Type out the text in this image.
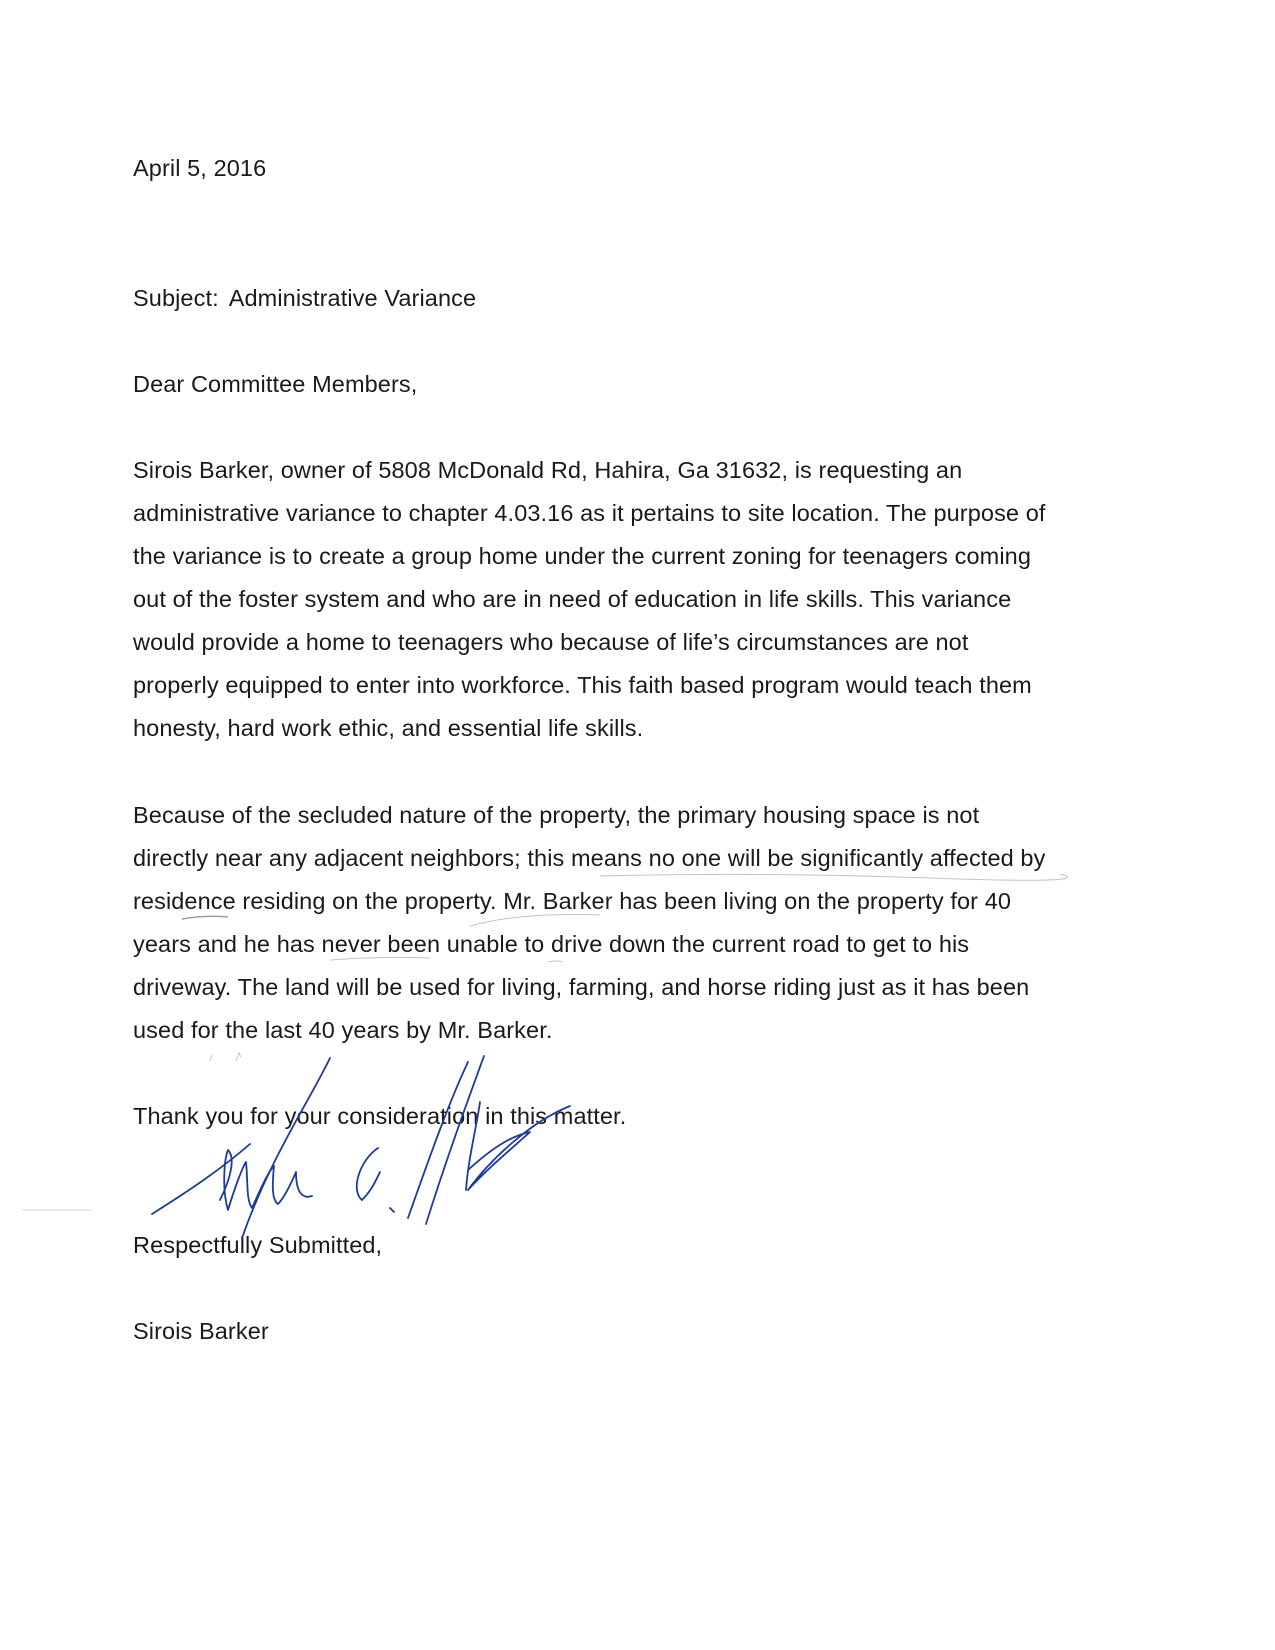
April 5, 2016

Subject: Administrative Variance

Dear Committee Members,

Sirois Barker, owner of 5808 McDonald Rd, Hahira, Ga 31632, is requesting an
administrative variance to chapter 4.03.16 as it pertains to site location. The purpose of
the variance is to create a group home under the current zoning for teenagers coming
out of the foster system and who are in need of education in life skills. This variance
would provide a home to teenagers who because of life’s circumstances are not
properly equipped to enter into workforce. This faith based program would teach them
honesty, hard work ethic, and essential life skills.
Because of the secluded nature of the property, the primary housing space is not
directly near any adjacent neighbors; this means no one will be significantly affected by
residence residing on the property. Mr. Barker has been living on the property for 40
years and he has never been unable to drive down the current road to get to his
driveway. The land will be used for living, farming, and horse riding just as it has been
used for the last 40 years by Mr. Barker.

Thank you for your consideration in this matter.

Respectfully Submitted,

Sirois Barker
